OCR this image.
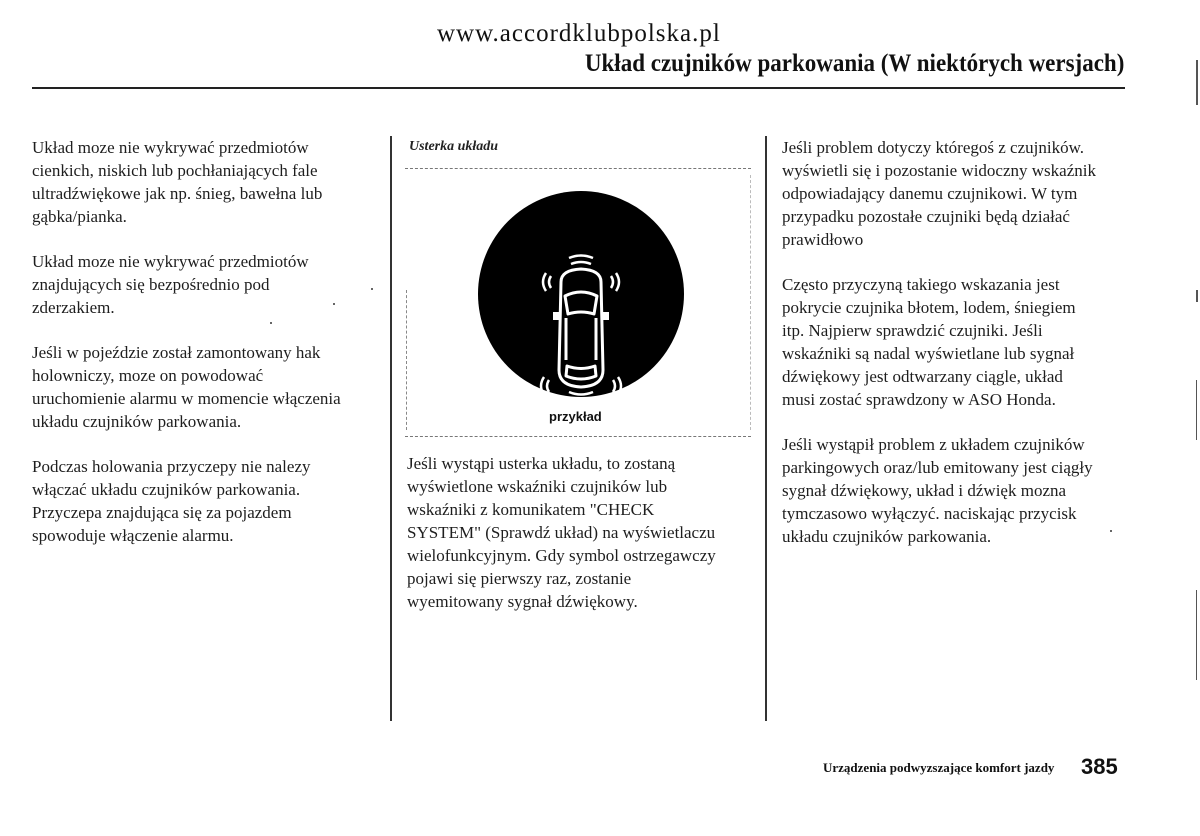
www.accordklubpolska.pl
Układ czujników parkowania (W niektórych wersjach)

Układ moze nie wykrywać przedmiotów
cienkich, niskich lub pochłaniających fale
ultradźwiękowe jak np. śnieg, bawełna lub
gąbka/pianka.

Układ moze nie wykrywać przedmiotów
znajdujących się bezpośrednio pod
zderzakiem.

Jeśli w pojeździe został zamontowany hak
holowniczy, moze on powodować
uruchomienie alarmu w momencie włączenia
układu czujników parkowania.

Podczas holowania przyczepy nie nalezy
włączać układu czujników parkowania.
Przyczepa znajdująca się za pojazdem
spowoduje włączenie alarmu.

Usterka układu
przykład

Jeśli wystąpi usterka układu, to zostaną
wyświetlone wskaźniki czujników lub
wskaźniki z komunikatem "CHECK
SYSTEM" (Sprawdź układ) na wyświetlaczu
wielofunkcyjnym. Gdy symbol ostrzegawczy
pojawi się pierwszy raz, zostanie
wyemitowany sygnał dźwiękowy.

Jeśli problem dotyczy któregoś z czujników.
wyświetli się i pozostanie widoczny wskaźnik
odpowiadający danemu czujnikowi. W tym
przypadku pozostałe czujniki będą działać
prawidłowo

Często przyczyną takiego wskazania jest
pokrycie czujnika błotem, lodem, śniegiem
itp. Najpierw sprawdzić czujniki. Jeśli
wskaźniki są nadal wyświetlane lub sygnał
dźwiękowy jest odtwarzany ciągle, układ
musi zostać sprawdzony w ASO Honda.

Jeśli wystąpił problem z układem czujników
parkingowych oraz/lub emitowany jest ciągły
sygnał dźwiękowy, układ i dźwięk mozna
tymczasowo wyłączyć. naciskając przycisk
układu czujników parkowania.

Urządzenia podwyzszające komfort jazdy 385
